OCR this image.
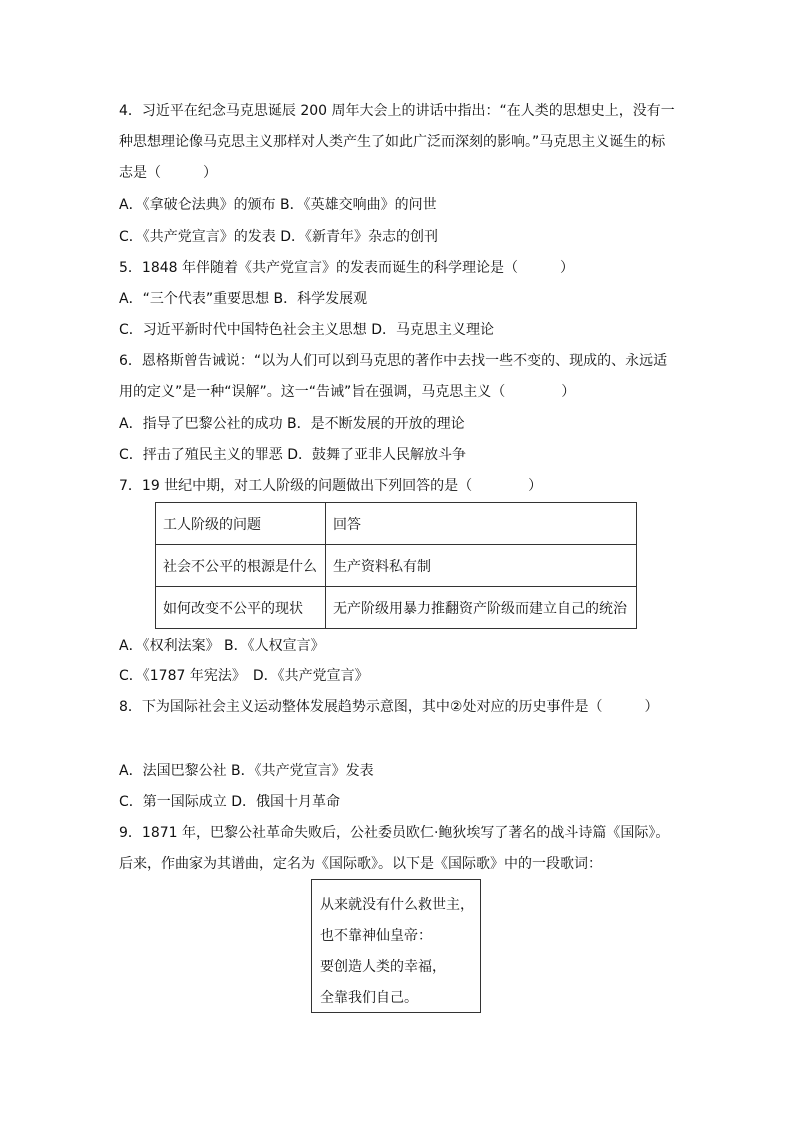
4．习近平在纪念马克思诞辰 200 周年大会上的讲话中指出：“在人类的思想史上，没有一
种思想理论像马克思主义那样对人类产生了如此广泛而深刻的影响。”马克思主义诞生的标
志是（　　　）
A．《拿破仑法典》的颁布 B．《英雄交响曲》的问世
C．《共产党宣言》的发表 D．《新青年》杂志的创刊
5．1848 年伴随着《共产党宣言》的发表而诞生的科学理论是（　　　）
A．“三个代表”重要思想 B．科学发展观
C．习近平新时代中国特色社会主义思想 D．马克思主义理论
6．恩格斯曾告诫说：“以为人们可以到马克思的著作中去找一些不变的、现成的、永远适
用的定义”是一种“误解”。这一“告诫”旨在强调，马克思主义（　　　　）
A．指导了巴黎公社的成功 B．是不断发展的开放的理论
C．抨击了殖民主义的罪恶 D．鼓舞了亚非人民解放斗争
7．19 世纪中期，对工人阶级的问题做出下列回答的是（　　　　）
工人阶级的问题	回答
社会不公平的根源是什么	生产资料私有制
如何改变不公平的现状	无产阶级用暴力推翻资产阶级而建立自己的统治
A．《权利法案》 B．《人权宣言》
C．《1787 年宪法》　D．《共产党宣言》
8．下为国际社会主义运动整体发展趋势示意图，其中②处对应的历史事件是（　　　）
A．法国巴黎公社 B．《共产党宣言》发表
C．第一国际成立 D．俄国十月革命
9．1871 年，巴黎公社革命失败后，公社委员欧仁·鲍狄埃写了著名的战斗诗篇《国际》。
后来，作曲家为其谱曲，定名为《国际歌》。以下是《国际歌》中的一段歌词：
从来就没有什么救世主，
也不靠神仙皇帝：
要创造人类的幸福，
全靠我们自己。
